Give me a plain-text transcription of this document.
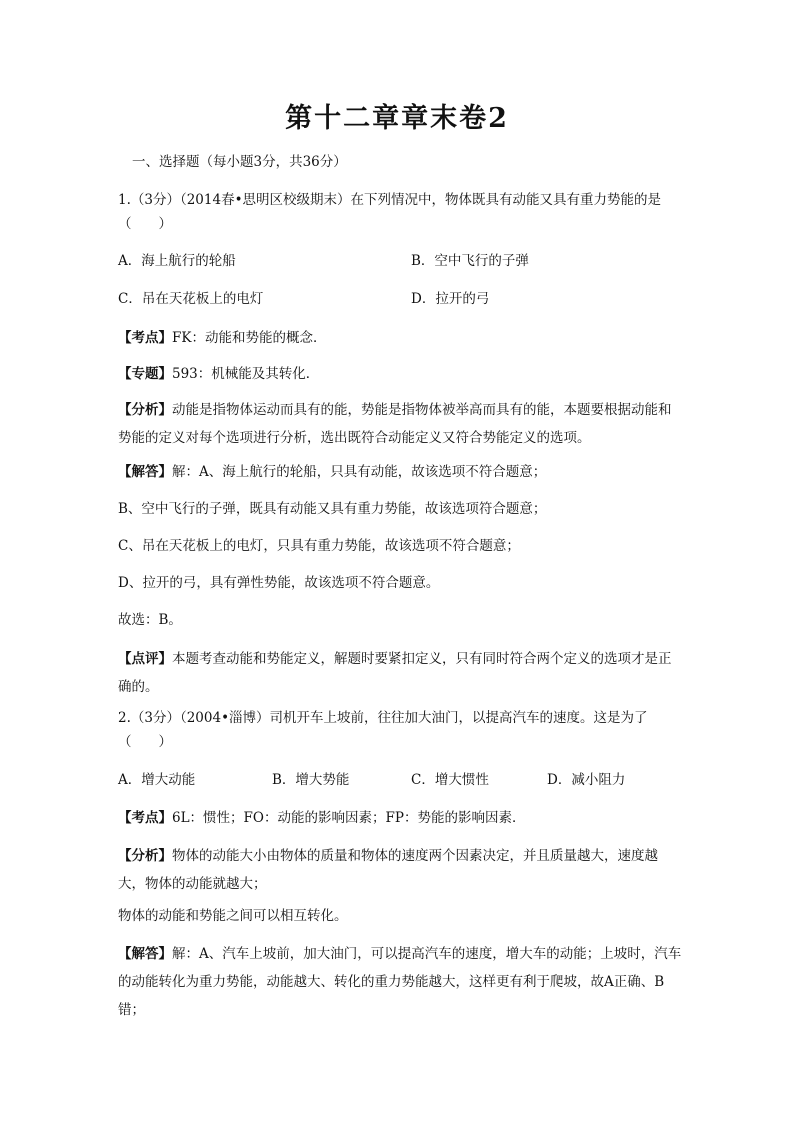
第十二章章末卷2

一、选择题（每小题3分，共36分）

1.（3分）（2014春•思明区校级期末）在下列情况中，物体既具有动能又具有重力势能的是

（　　）

A．海上航行的轮船	B．空中飞行的子弹

C．吊在天花板上的电灯	D．拉开的弓

【考点】FK：动能和势能的概念．

【专题】593：机械能及其转化．

【分析】动能是指物体运动而具有的能，势能是指物体被举高而具有的能，本题要根据动能和势能的定义对每个选项进行分析，选出既符合动能定义又符合势能定义的选项。

【解答】解：A、海上航行的轮船，只具有动能，故该选项不符合题意；

B、空中飞行的子弹，既具有动能又具有重力势能，故该选项符合题意；

C、吊在天花板上的电灯，只具有重力势能，故该选项不符合题意；

D、拉开的弓，具有弹性势能，故该选项不符合题意。

故选：B。

【点评】本题考查动能和势能定义，解题时要紧扣定义，只有同时符合两个定义的选项才是正确的。

2.（3分）（2004•淄博）司机开车上坡前，往往加大油门，以提高汽车的速度。这是为了

（　　）

A．增大动能	B．增大势能	C．增大惯性	D．减小阻力

【考点】6L：惯性；FO：动能的影响因素；FP：势能的影响因素．

【分析】物体的动能大小由物体的质量和物体的速度两个因素决定，并且质量越大，速度越大，物体的动能就越大；

物体的动能和势能之间可以相互转化。

【解答】解：A、汽车上坡前，加大油门，可以提高汽车的速度，增大车的动能；上坡时，汽车的动能转化为重力势能，动能越大、转化的重力势能越大，这样更有利于爬坡，故A正确、B错；
